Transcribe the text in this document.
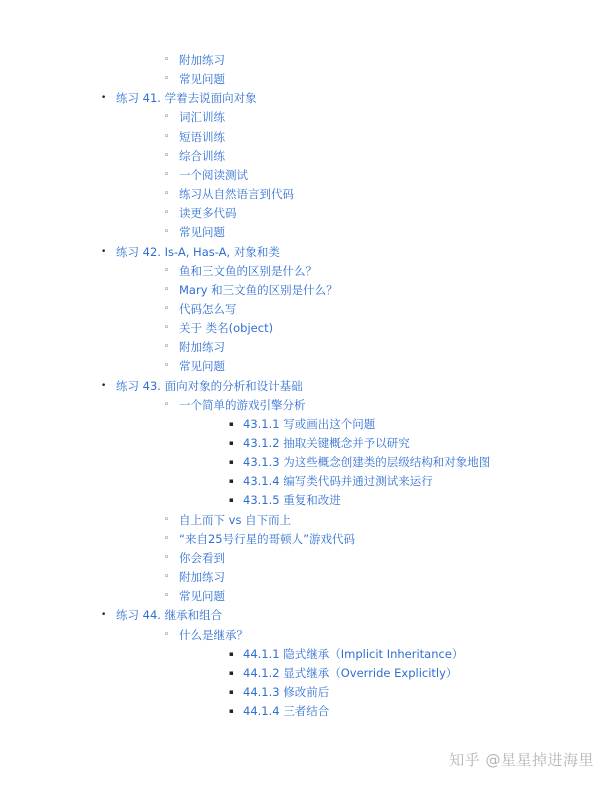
◦ 附加练习
◦ 常见问题
• 练习 41. 学着去说面向对象
◦ 词汇训练
◦ 短语训练
◦ 综合训练
◦ 一个阅读测试
◦ 练习从自然语言到代码
◦ 读更多代码
◦ 常见问题
• 练习 42. Is-A, Has-A, 对象和类
◦ 鱼和三文鱼的区别是什么？
◦ Mary 和三文鱼的区别是什么？
◦ 代码怎么写
◦ 关于 类名(object)
◦ 附加练习
◦ 常见问题
• 练习 43. 面向对象的分析和设计基础
◦ 一个简单的游戏引擎分析
▪ 43.1.1 写或画出这个问题
▪ 43.1.2 抽取关键概念并予以研究
▪ 43.1.3 为这些概念创建类的层级结构和对象地图
▪ 43.1.4 编写类代码并通过测试来运行
▪ 43.1.5 重复和改进
◦ 自上而下 vs 自下而上
◦ “来自25号行星的哥顿人”游戏代码
◦ 你会看到
◦ 附加练习
◦ 常见问题
• 练习 44. 继承和组合
◦ 什么是继承？
▪ 44.1.1 隐式继承（Implicit Inheritance）
▪ 44.1.2 显式继承（Override Explicitly）
▪ 44.1.3 修改前后
▪ 44.1.4 三者结合
知乎 @星星掉进海里
